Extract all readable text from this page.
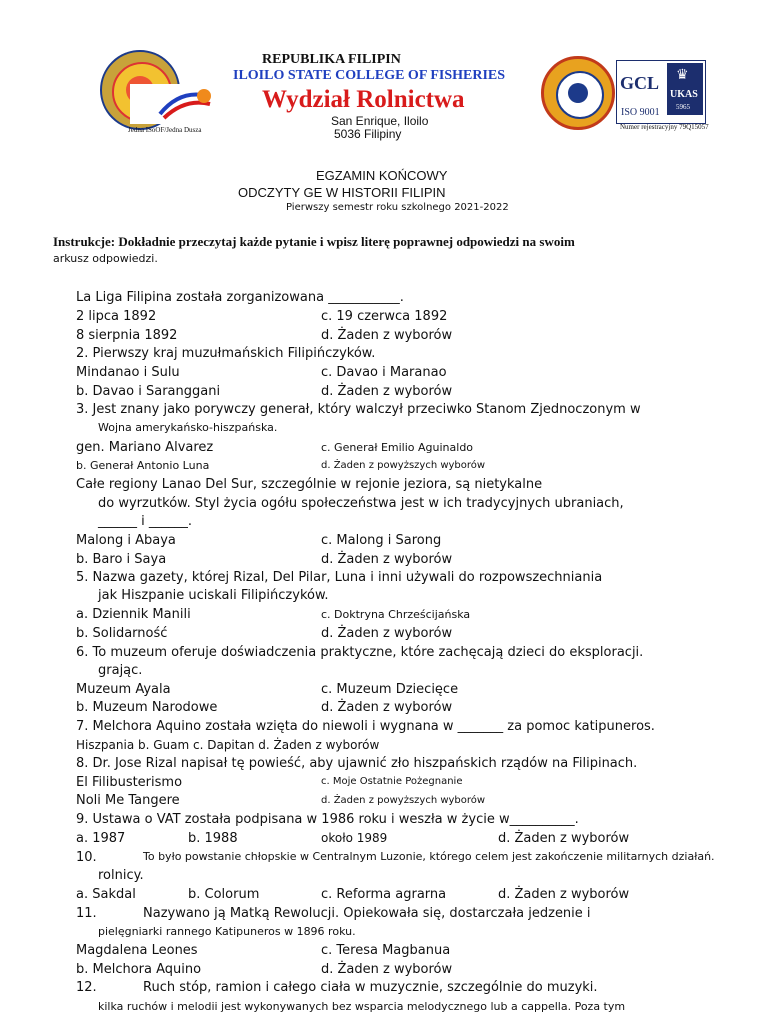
Jedna ISoOF/Jedna Dusza
REPUBLIKA FILIPIN
ILOILO STATE COLLEGE OF FISHERIES
Wydział Rolnictwa
San Enrique, Iloilo
5036 Filipiny
GCL ♛
UKAS
5965
ISO 9001
Numer rejestracyjny 79Q15057
EGZAMIN KOŃCOWY
ODCZYTY GE W HISTORII FILIPIN
Pierwszy semestr roku szkolnego 2021-2022
Instrukcje: Dokładnie przeczytaj każde pytanie i wpisz literę poprawnej odpowiedzi na swoim
arkusz odpowiedzi.
La Liga Filipina została zorganizowana ___________.
2 lipca 1892	c. 19 czerwca 1892
8 sierpnia 1892	d. Żaden z wyborów
2. Pierwszy kraj muzułmańskich Filipińczyków.
Mindanao i Sulu	c. Davao i Maranao
b. Davao i Saranggani	d. Żaden z wyborów
3. Jest znany jako porywczy generał, który walczył przeciwko Stanom Zjednoczonym w
Wojna amerykańsko-hiszpańska.
gen. Mariano Alvarez	c. Generał Emilio Aguinaldo
b. Generał Antonio Luna	d. Żaden z powyższych wyborów
Całe regiony Lanao Del Sur, szczególnie w rejonie jeziora, są nietykalne
do wyrzutków. Styl życia ogółu społeczeństwa jest w ich tradycyjnych ubraniach,
______ i ______.
Malong i Abaya	c. Malong i Sarong
b. Baro i Saya	d. Żaden z wyborów
5. Nazwa gazety, której Rizal, Del Pilar, Luna i inni używali do rozpowszechniania
jak Hiszpanie uciskali Filipińczyków.
a. Dziennik Manili	c. Doktryna Chrześcijańska
b. Solidarność	d. Żaden z wyborów
6. To muzeum oferuje doświadczenia praktyczne, które zachęcają dzieci do eksploracji.
grając.
Muzeum Ayala	c. Muzeum Dziecięce
b. Muzeum Narodowe	d. Żaden z wyborów
7. Melchora Aquino została wzięta do niewoli i wygnana w _______ za pomoc katipuneros.
Hiszpania b. Guam c. Dapitan d. Żaden z wyborów
8. Dr. Jose Rizal napisał tę powieść, aby ujawnić zło hiszpańskich rządów na Filipinach.
El Filibusterismo	c. Moje Ostatnie Pożegnanie
Noli Me Tangere	d. Żaden z powyższych wyborów
9. Ustawa o VAT została podpisana w 1986 roku i weszła w życie w__________.
a. 1987	b. 1988	około 1989	d. Żaden z wyborów
10.	To było powstanie chłopskie w Centralnym Luzonie, którego celem jest zakończenie militarnych działań.
rolnicy.
a. Sakdal	b. Colorum	c. Reforma agrarna	d. Żaden z wyborów
11.	Nazywano ją Matką Rewolucji. Opiekowała się, dostarczała jedzenie i
pielęgniarki rannego Katipuneros w 1896 roku.
Magdalena Leones	c. Teresa Magbanua
b. Melchora Aquino	d. Żaden z wyborów
12.	Ruch stóp, ramion i całego ciała w muzycznie, szczególnie do muzyki.
kilka ruchów i melodii jest wykonywanych bez wsparcia melodycznego lub a cappella. Poza tym
